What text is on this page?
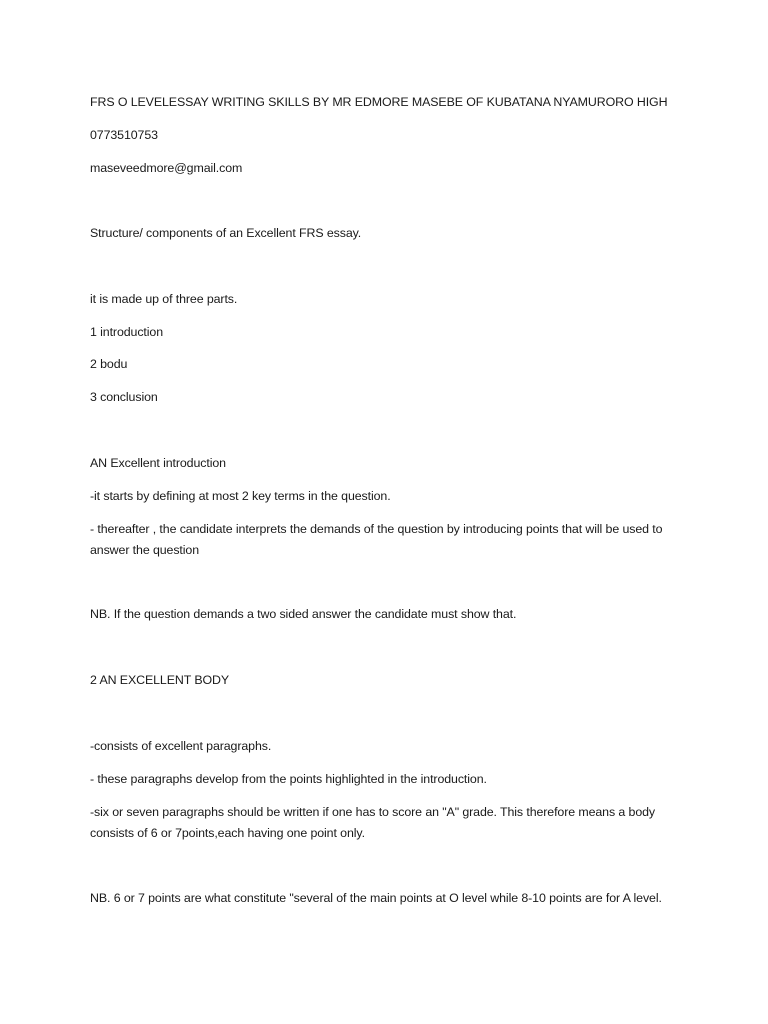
FRS O LEVELESSAY WRITING SKILLS BY MR EDMORE MASEBE OF KUBATANA NYAMURORO HIGH
0773510753
maseveedmore@gmail.com
Structure/ components of an Excellent FRS essay.
it is made up of three parts.
1 introduction
2 bodu
3 conclusion
AN Excellent introduction
-it starts by defining at most 2 key terms in the question.
- thereafter , the candidate interprets the demands of the question by introducing points that will be used to answer the question
NB. If the question demands a two sided answer the candidate must show that.
2 AN EXCELLENT BODY
-consists of excellent paragraphs.
- these paragraphs develop from the points highlighted in the introduction.
-six or seven paragraphs should be written if one has to score an "A" grade. This therefore means a body consists of 6 or 7points,each having one point only.
NB. 6 or 7 points are what constitute "several of the main points at O level while 8-10 points are for A level.
